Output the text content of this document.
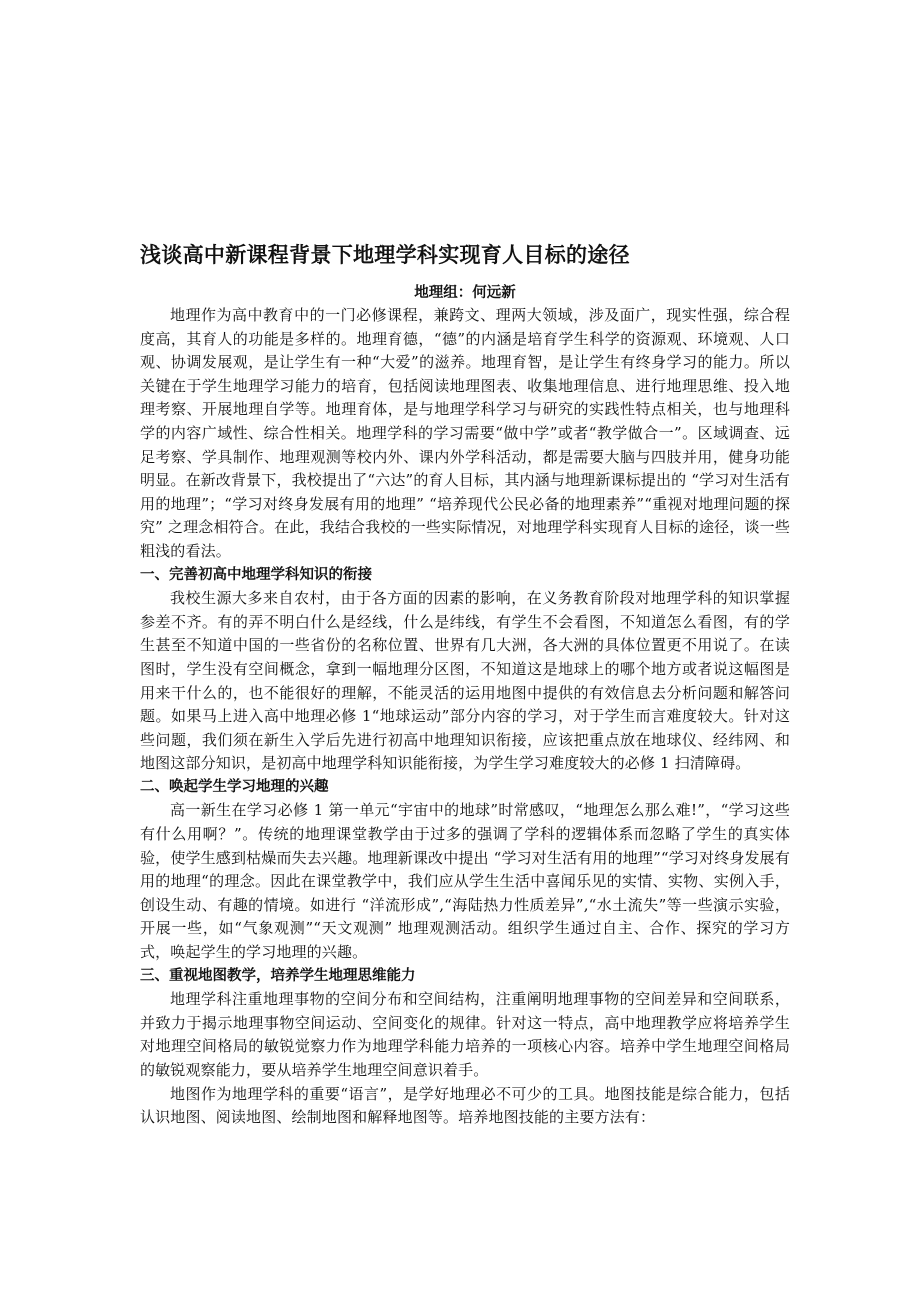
浅谈高中新课程背景下地理学科实现育人目标的途径

地理组：何远新

地理作为高中教育中的一门必修课程，兼跨文、理两大领域，涉及面广，现实性强，综合程度高，其育人的功能是多样的。地理育德，“德”的内涵是培育学生科学的资源观、环境观、人口观、协调发展观，是让学生有一种“大爱”的滋养。地理育智，是让学生有终身学习的能力。所以关键在于学生地理学习能力的培育，包括阅读地理图表、收集地理信息、进行地理思维、投入地理考察、开展地理自学等。地理育体，是与地理学科学习与研究的实践性特点相关，也与地理科学的内容广域性、综合性相关。地理学科的学习需要“做中学”或者“教学做合一”。区域调查、远足考察、学具制作、地理观测等校内外、课内外学科活动，都是需要大脑与四肢并用，健身功能明显。在新改背景下，我校提出了“六达”的育人目标，其内涵与地理新课标提出的 “学习对生活有用的地理”；“学习对终身发展有用的地理” “培养现代公民必备的地理素养”“重视对地理问题的探究” 之理念相符合。在此，我结合我校的一些实际情况，对地理学科实现育人目标的途径，谈一些粗浅的看法。

一、完善初高中地理学科知识的衔接

我校生源大多来自农村，由于各方面的因素的影响，在义务教育阶段对地理学科的知识掌握参差不齐。有的弄不明白什么是经线，什么是纬线，有学生不会看图，不知道怎么看图，有的学生甚至不知道中国的一些省份的名称位置、世界有几大洲，各大洲的具体位置更不用说了。在读图时，学生没有空间概念，拿到一幅地理分区图，不知道这是地球上的哪个地方或者说这幅图是用来干什么的，也不能很好的理解，不能灵活的运用地图中提供的有效信息去分析问题和解答问题。如果马上进入高中地理必修 1“地球运动”部分内容的学习，对于学生而言难度较大。针对这些问题，我们须在新生入学后先进行初高中地理知识衔接，应该把重点放在地球仪、经纬网、和地图这部分知识，是初高中地理学科知识能衔接，为学生学习难度较大的必修 1 扫清障碍。

二、唤起学生学习地理的兴趣

高一新生在学习必修 1 第一单元“宇宙中的地球”时常感叹，“地理怎么那么难!”，“学习这些有什么用啊？”。传统的地理课堂教学由于过多的强调了学科的逻辑体系而忽略了学生的真实体验，使学生感到枯燥而失去兴趣。地理新课改中提出 “学习对生活有用的地理”“学习对终身发展有用的地理“的理念。因此在课堂教学中，我们应从学生生活中喜闻乐见的实情、实物、实例入手，创设生动、有趣的情境。如进行 “洋流形成”,“海陆热力性质差异”,“水土流失”等一些演示实验，开展一些，如“气象观测”“天文观测” 地理观测活动。组织学生通过自主、合作、探究的学习方式，唤起学生的学习地理的兴趣。

三、重视地图教学，培养学生地理思维能力

地理学科注重地理事物的空间分布和空间结构，注重阐明地理事物的空间差异和空间联系，并致力于揭示地理事物空间运动、空间变化的规律。针对这一特点，高中地理教学应将培养学生对地理空间格局的敏锐觉察力作为地理学科能力培养的一项核心内容。培养中学生地理空间格局的敏锐观察能力，要从培养学生地理空间意识着手。

地图作为地理学科的重要“语言”，是学好地理必不可少的工具。地图技能是综合能力，包括认识地图、阅读地图、绘制地图和解释地图等。培养地图技能的主要方法有：
